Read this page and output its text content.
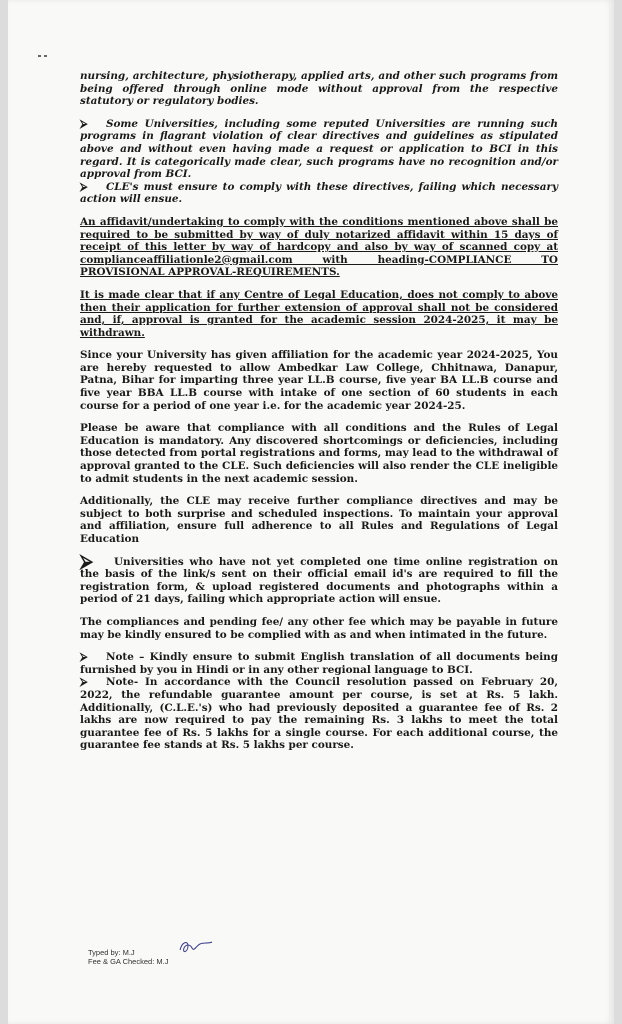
nursing, architecture, physiotherapy, applied arts, and other such programs from being offered through online mode without approval from the respective statutory or regulatory bodies.

⮚ Some Universities, including some reputed Universities are running such programs in flagrant violation of clear directives and guidelines as stipulated above and without even having made a request or application to BCI in this regard. It is categorically made clear, such programs have no recognition and/or approval from BCI.

⮚ CLE's must ensure to comply with these directives, failing which necessary action will ensue.

An affidavit/undertaking to comply with the conditions mentioned above shall be required to be submitted by way of duly notarized affidavit within 15 days of receipt of this letter by way of hardcopy and also by way of scanned copy at complianceaffiliationle2@gmail.com with heading-COMPLIANCE TO PROVISIONAL APPROVAL-REQUIREMENTS.

It is made clear that if any Centre of Legal Education, does not comply to above then their application for further extension of approval shall not be considered and, if, approval is granted for the academic session 2024-2025, it may be withdrawn.

Since your University has given affiliation for the academic year 2024-2025, You are hereby requested to allow Ambedkar Law College, Chhitnawa, Danapur, Patna, Bihar for imparting three year LL.B course, five year BA LL.B course and five year BBA LL.B course with intake of one section of 60 students in each course for a period of one year i.e. for the academic year 2024-25.

Please be aware that compliance with all conditions and the Rules of Legal Education is mandatory. Any discovered shortcomings or deficiencies, including those detected from portal registrations and forms, may lead to the withdrawal of approval granted to the CLE. Such deficiencies will also render the CLE ineligible to admit students in the next academic session.

Additionally, the CLE may receive further compliance directives and may be subject to both surprise and scheduled inspections. To maintain your approval and affiliation, ensure full adherence to all Rules and Regulations of Legal Education

⮚ Universities who have not yet completed one time online registration on the basis of the link/s sent on their official email id's are required to fill the registration form, & upload registered documents and photographs within a period of 21 days, failing which appropriate action will ensue.

The compliances and pending fee/ any other fee which may be payable in future may be kindly ensured to be complied with as and when intimated in the future.

⮚ Note – Kindly ensure to submit English translation of all documents being furnished by you in Hindi or in any other regional language to BCI.

⮚ Note- In accordance with the Council resolution passed on February 20, 2022, the refundable guarantee amount per course, is set at Rs. 5 lakh. Additionally, (C.L.E.'s) who had previously deposited a guarantee fee of Rs. 2 lakhs are now required to pay the remaining Rs. 3 lakhs to meet the total guarantee fee of Rs. 5 lakhs for a single course. For each additional course, the guarantee fee stands at Rs. 5 lakhs per course.

Typed by: M.J
Fee & GA Checked: M.J
